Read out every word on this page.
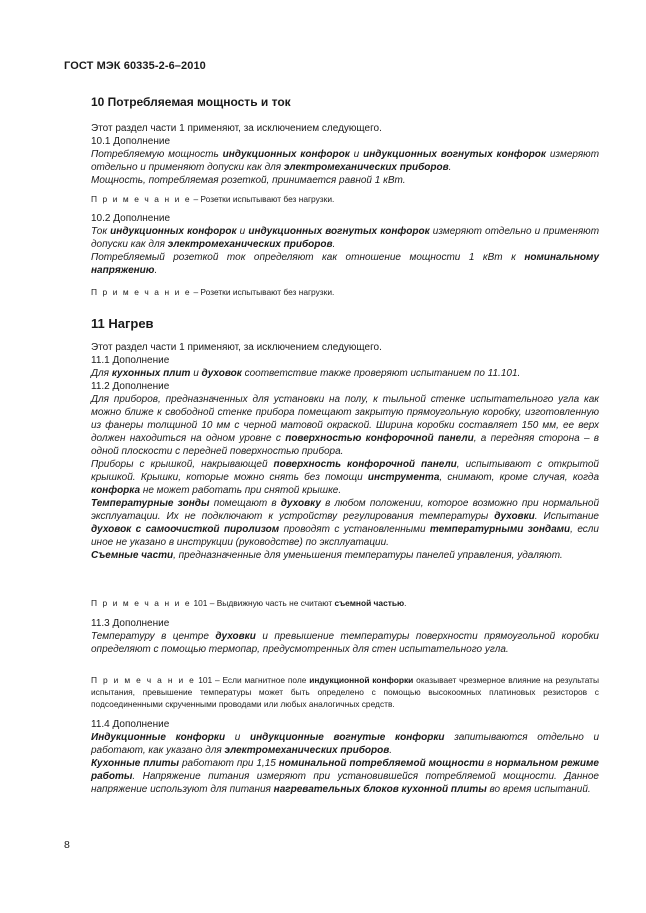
ГОСТ МЭК 60335-2-6–2010
10 Потребляемая мощность и ток

Этот раздел части 1 применяют, за исключением следующего.

10.1 Дополнение

Потребляемую мощность индукционных конфорок и индукционных вогнутых конфорок измеряют отдельно и применяют допуски как для электромеханических приборов.

Мощность, потребляемая розеткой, принимается равной 1 кВт.

П р и м е ч а н и е – Розетки испытывают без нагрузки.

10.2 Дополнение

Ток индукционных конфорок и индукционных вогнутых конфорок измеряют отдельно и применяют допуски как для электромеханических приборов.

Потребляемый розеткой ток определяют как отношение мощности 1 кВт к номинальному напряжению.

П р и м е ч а н и е – Розетки испытывают без нагрузки.
11 Нагрев

Этот раздел части 1 применяют, за исключением следующего.

11.1 Дополнение

Для кухонных плит и духовок соответствие также проверяют испытанием по 11.101.

11.2 Дополнение

Для приборов, предназначенных для установки на полу, к тыльной стенке испытательного угла как можно ближе к свободной стенке прибора помещают закрытую прямоугольную коробку, изготовленную из фанеры толщиной 10 мм с черной матовой окраской. Ширина коробки составляет 150 мм, ее верх должен находиться на одном уровне с поверхностью конфорочной панели, а передняя сторона – в одной плоскости с передней поверхностью прибора.

Приборы с крышкой, накрывающей поверхность конфорочной панели, испытывают с открытой крышкой. Крышки, которые можно снять без помощи инструмента, снимают, кроме случая, когда конфорка не может работать при снятой крышке.

Температурные зонды помещают в духовку в любом положении, которое возможно при нормальной эксплуатации. Их не подключают к устройству регулирования температуры духовки. Испытание духовок с самоочисткой пиролизом проводят с установленными температурными зондами, если иное не указано в инструкции (руководстве) по эксплуатации.

Съемные части, предназначенные для уменьшения температуры панелей управления, удаляют.

П р и м е ч а н и е 101 – Выдвижную часть не считают съемной частью.

11.3 Дополнение

Температуру в центре духовки и превышение температуры поверхности прямоугольной коробки определяют с помощью термопар, предусмотренных для стен испытательного угла.

П р и м е ч а н и е 101 – Если магнитное поле индукционной конфорки оказывает чрезмерное влияние на результаты испытания, превышение температуры может быть определено с помощью высокоомных платиновых резисторов с подсоединенными скрученными проводами или любых аналогичных средств.

11.4 Дополнение

Индукционные конфорки и индукционные вогнутые конфорки запитываются отдельно и работают, как указано для электромеханических приборов.

Кухонные плиты работают при 1,15 номинальной потребляемой мощности в нормальном режиме работы. Напряжение питания измеряют при установившейся потребляемой мощности. Данное напряжение используют для питания нагревательных блоков кухонной плиты во время испытаний.

8
